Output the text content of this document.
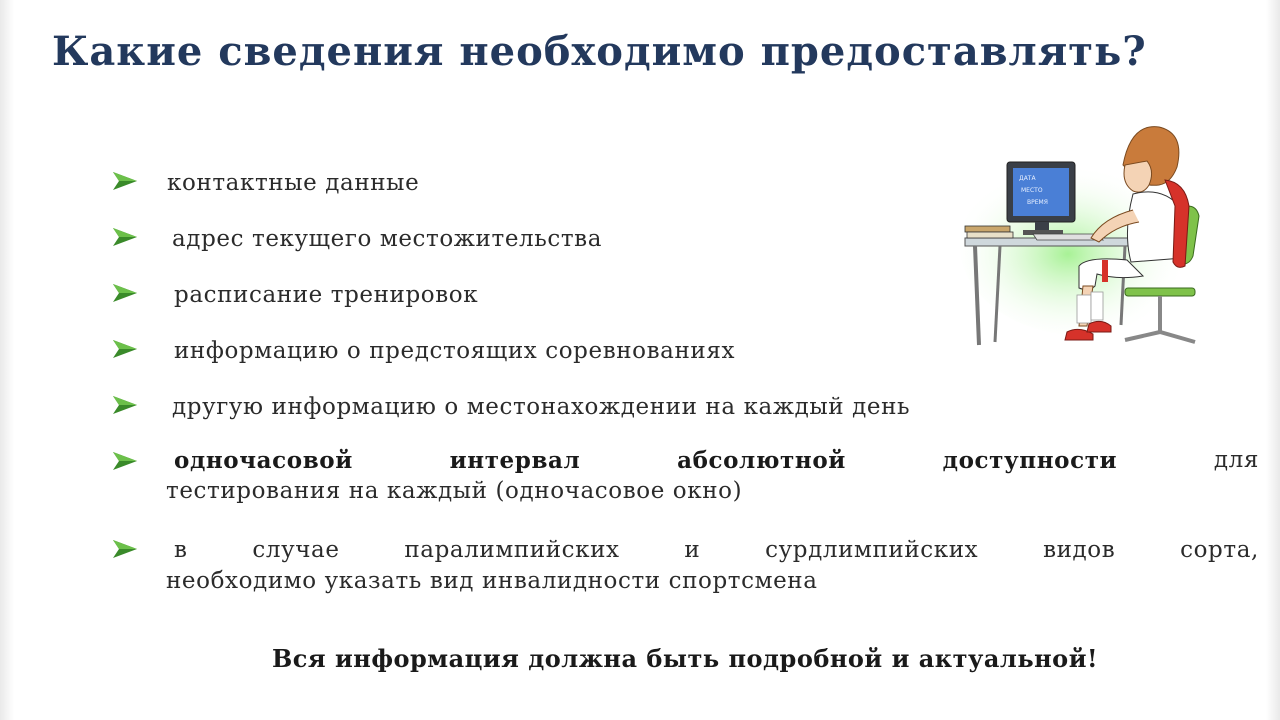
Какие сведения необходимо предоставлять?
контактные данные
адрес текущего местожительства
расписание тренировок
информацию о предстоящих соревнованиях
другую информацию о местонахождении на каждый день
одночасовой	интервал	абсолютной	доступности	для
тестирования на каждый (одночасовое окно)
в	случае	паралимпийских	и	сурдлимпийских	видов	сорта,
необходимо указать вид инвалидности спортсмена
ДАТА
МЕСТО
ВРЕМЯ
Вся информация должна быть подробной и актуальной!
